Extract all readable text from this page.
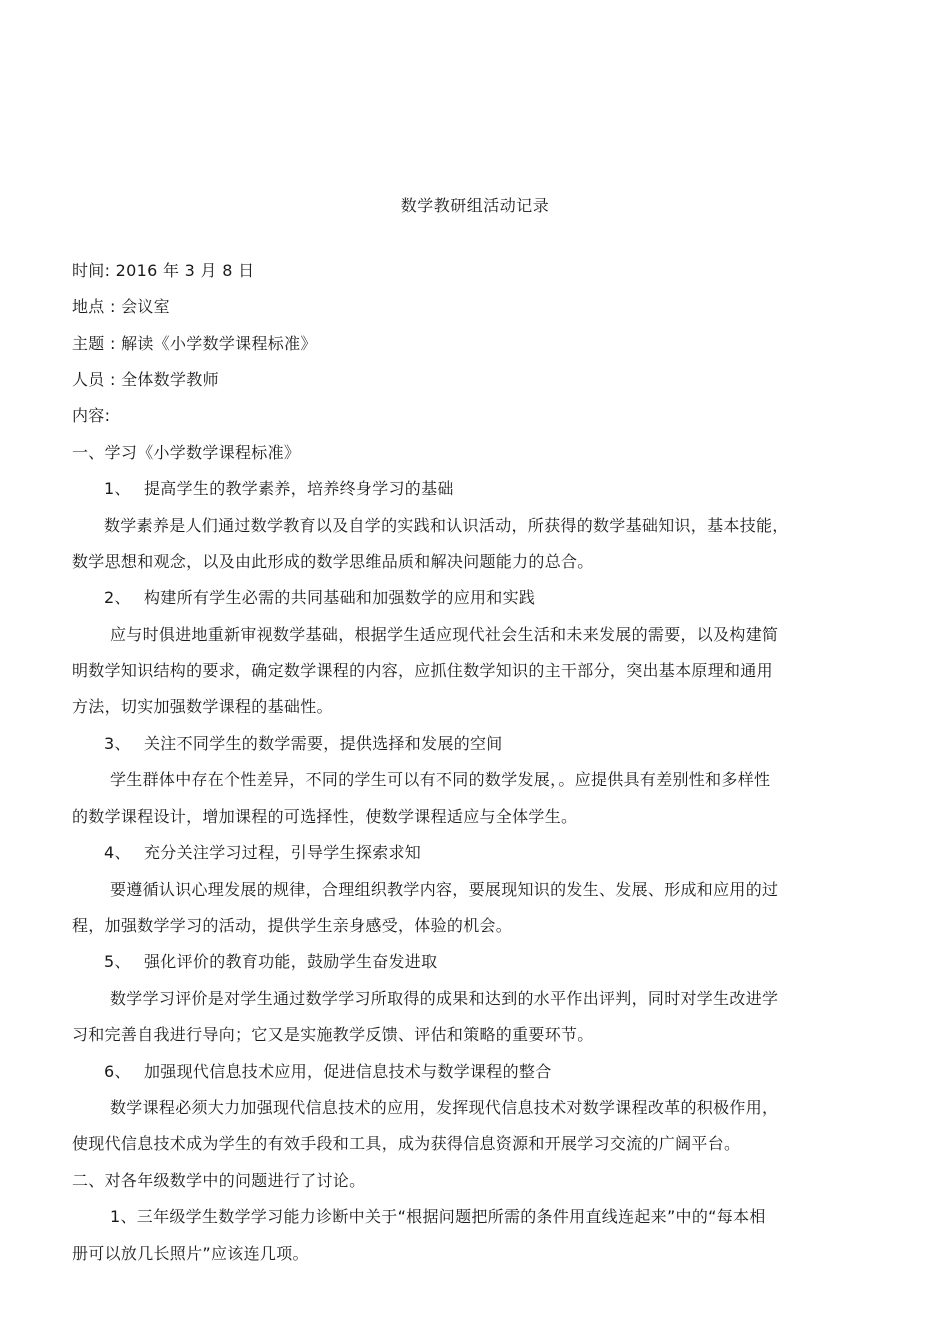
数学教研组活动记录
时间: 2016 年 3 月 8 日
地点 : 会议室
主题 : 解读《小学数学课程标准》
人员 : 全体数学教师
内容:
一、学习《小学数学课程标准》
1、 提高学生的教学素养，培养终身学习的基础
数学素养是人们通过数学教育以及自学的实践和认识活动，所获得的数学基础知识，基本技能，
数学思想和观念，以及由此形成的数学思维品质和解决问题能力的总合。
2、 构建所有学生必需的共同基础和加强数学的应用和实践
应与时俱进地重新审视数学基础，根据学生适应现代社会生活和未来发展的需要，以及构建简
明数学知识结构的要求，确定数学课程的内容，应抓住数学知识的主干部分，突出基本原理和通用
方法，切实加强数学课程的基础性。
3、 关注不同学生的数学需要，提供选择和发展的空间
学生群体中存在个性差异，不同的学生可以有不同的数学发展，。应提供具有差别性和多样性
的数学课程设计，增加课程的可选择性，使数学课程适应与全体学生。
4、 充分关注学习过程，引导学生探索求知
要遵循认识心理发展的规律，合理组织教学内容，要展现知识的发生、发展、形成和应用的过
程，加强数学学习的活动，提供学生亲身感受，体验的机会。
5、 强化评价的教育功能，鼓励学生奋发进取
数学学习评价是对学生通过数学学习所取得的成果和达到的水平作出评判，同时对学生改进学
习和完善自我进行导向；它又是实施教学反馈、评估和策略的重要环节。
6、 加强现代信息技术应用，促进信息技术与数学课程的整合
数学课程必须大力加强现代信息技术的应用，发挥现代信息技术对数学课程改革的积极作用，
使现代信息技术成为学生的有效手段和工具，成为获得信息资源和开展学习交流的广阔平台。
二、对各年级数学中的问题进行了讨论。
1、三年级学生数学学习能力诊断中关于“根据问题把所需的条件用直线连起来”中的“每本相
册可以放几长照片”应该连几项。
